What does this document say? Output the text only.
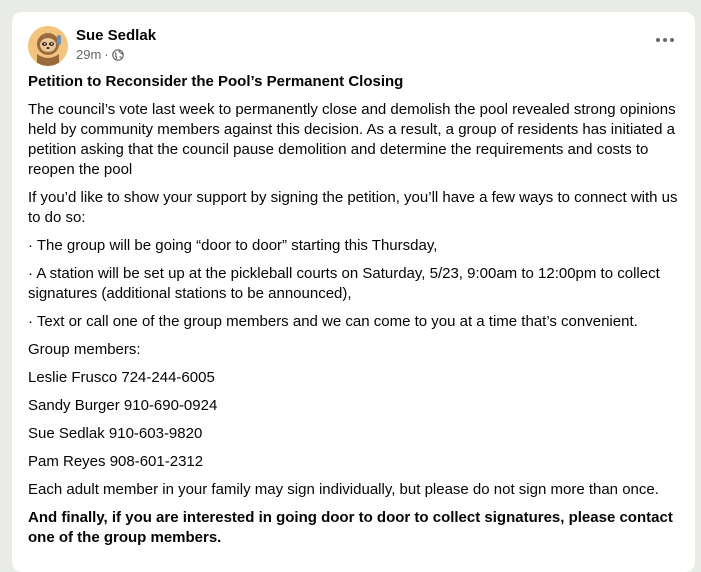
Sue Sedlak
29m ·

Petition to Reconsider the Pool’s Permanent Closing

The council’s vote last week to permanently close and demolish the pool revealed strong opinions held by community members against this decision. As a result, a group of residents has initiated a petition asking that the council pause demolition and determine the requirements and costs to reopen the pool

If you’d like to show your support by signing the petition, you’ll have a few ways to connect with us to do so:

· The group will be going “door to door” starting this Thursday,

· A station will be set up at the pickleball courts on Saturday, 5/23, 9:00am to 12:00pm to collect signatures (additional stations to be announced),

· Text or call one of the group members and we can come to you at a time that’s convenient.

Group members:

Leslie Frusco 724-244-6005

Sandy Burger 910-690-0924

Sue Sedlak 910-603-9820

Pam Reyes 908-601-2312

Each adult member in your family may sign individually, but please do not sign more than once.

And finally, if you are interested in going door to door to collect signatures, please contact one of the group members.
